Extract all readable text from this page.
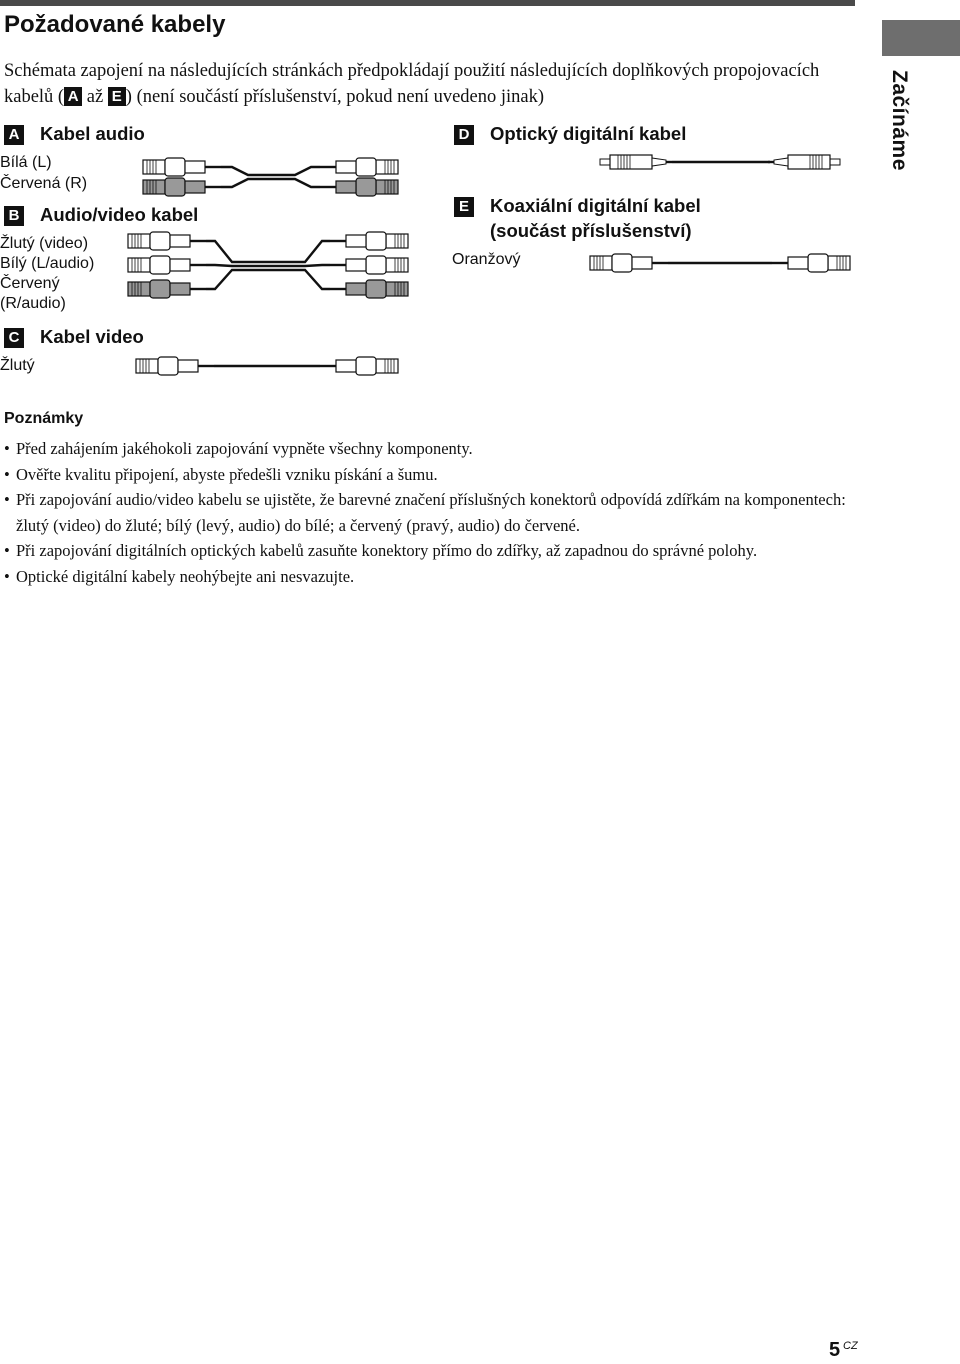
Začínáme
Požadované kabely

Schémata zapojení na následujících stránkách předpokládají použití následujících doplňkových propojovacích kabelů ( A až E ) (není součástí příslušenství, pokud není uvedeno jinak)

A Kabel audio
Bílá (L)
Červená (R)
B Audio/video kabel
Žlutý (video)
Bílý (L/audio)
Červený
(R/audio)
C Kabel video
Žlutý
D Optický digitální kabel
E Koaxiální digitální kabel
(součást příslušenství)
Oranžový
Poznámky
• Před zahájením jakéhokoli zapojování vypněte všechny komponenty.
• Ověřte kvalitu připojení, abyste předešli vzniku pískání a šumu.
• Při zapojování audio/video kabelu se ujistěte, že barevné značení příslušných konektorů odpovídá zdířkám na komponentech: žlutý (video) do žluté; bílý (levý, audio) do bílé; a červený (pravý, audio) do červené.
• Při zapojování digitálních optických kabelů zasuňte konektory přímo do zdířky, až zapadnou do správné polohy.
• Optické digitální kabely neohýbejte ani nesvazujte.
5 CZ
